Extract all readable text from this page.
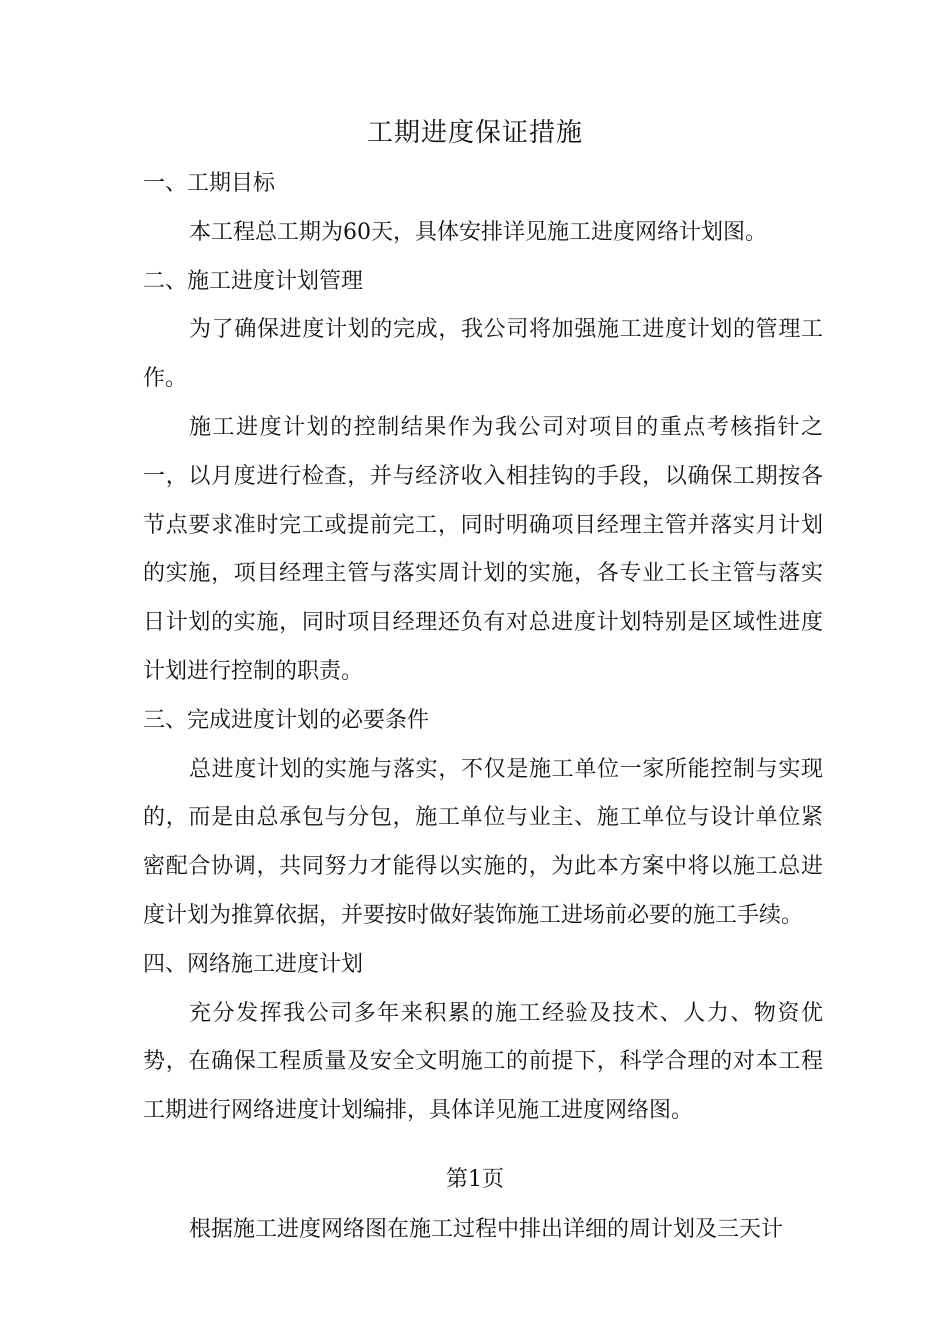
工期进度保证措施

一、工期目标

本工程总工期为60天，具体安排详见施工进度网络计划图。

二、施工进度计划管理

为了确保进度计划的完成，我公司将加强施工进度计划的管理工作。

施工进度计划的控制结果作为我公司对项目的重点考核指针之一，以月度进行检查，并与经济收入相挂钩的手段，以确保工期按各节点要求准时完工或提前完工，同时明确项目经理主管并落实月计划的实施，项目经理主管与落实周计划的实施，各专业工长主管与落实日计划的实施，同时项目经理还负有对总进度计划特别是区域性进度计划进行控制的职责。

三、完成进度计划的必要条件

总进度计划的实施与落实，不仅是施工单位一家所能控制与实现的，而是由总承包与分包，施工单位与业主、施工单位与设计单位紧密配合协调，共同努力才能得以实施的，为此本方案中将以施工总进度计划为推算依据，并要按时做好装饰施工进场前必要的施工手续。

四、网络施工进度计划

充分发挥我公司多年来积累的施工经验及技术、人力、物资优势，在确保工程质量及安全文明施工的前提下，科学合理的对本工程工期进行网络进度计划编排，具体详见施工进度网络图。

第1页
根据施工进度网络图在施工过程中排出详细的周计划及三天计
